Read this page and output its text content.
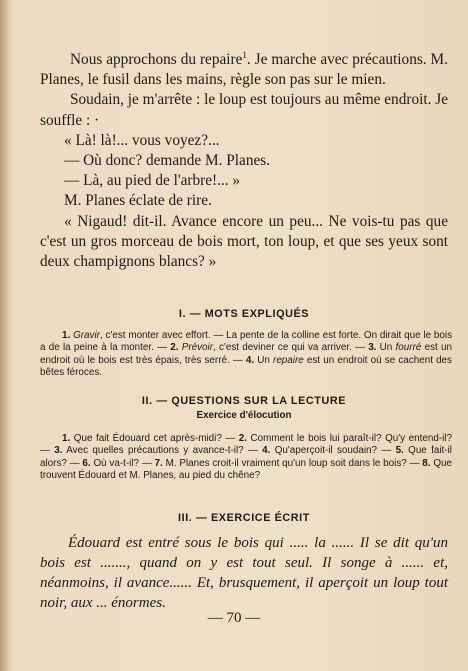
Nous approchons du repaire$^1$. Je marche avec précautions. M. Planes, le fusil dans les mains, règle son pas sur le mien.

Soudain, je m'arrête : le loup est toujours au même endroit. Je souffle : ·

« Là! là!... vous voyez?...

— Où donc? demande M. Planes.

— Là, au pied de l'arbre!... »

M. Planes éclate de rire.

« Nigaud! dit-il. Avance encore un peu... Ne vois-tu pas que c'est un gros morceau de bois mort, ton loup, et que ses yeux sont deux champignons blancs? »

I. — MOTS EXPLIQUÉS

1. Gravir, c'est monter avec effort. — La pente de la colline est forte. On dirait que le bois a de la peine à la monter. — 2. Prévoir, c'est deviner ce qui va arriver. — 3. Un fourré est un endroit où le bois est très épais, très serré. — 4. Un repaire est un endroit où se cachent des bêtes féroces.

II. — QUESTIONS SUR LA LECTURE
Exercice d'élocution

1. Que fait Édouard cet après-midi? — 2. Comment le bois lui paraît-il? Qu'y entend-il? — 3. Avec quelles précautions y avance-t-il? — 4. Qu'aperçoit-il soudain? — 5. Que fait-il alors? — 6. Où va-t-il? — 7. M. Planes croit-il vraiment qu'un loup soit dans le bois? — 8. Que trouvent Édouard et M. Planes, au pied du chêne?

III. — EXERCICE ÉCRIT

Édouard est entré sous le bois qui ..... la ...... Il se dit qu'un bois est ......., quand on y est tout seul. Il songe à ...... et, néanmoins, il avance...... Et, brusquement, il aperçoit un loup tout noir, aux ... énormes.

— 70 —
